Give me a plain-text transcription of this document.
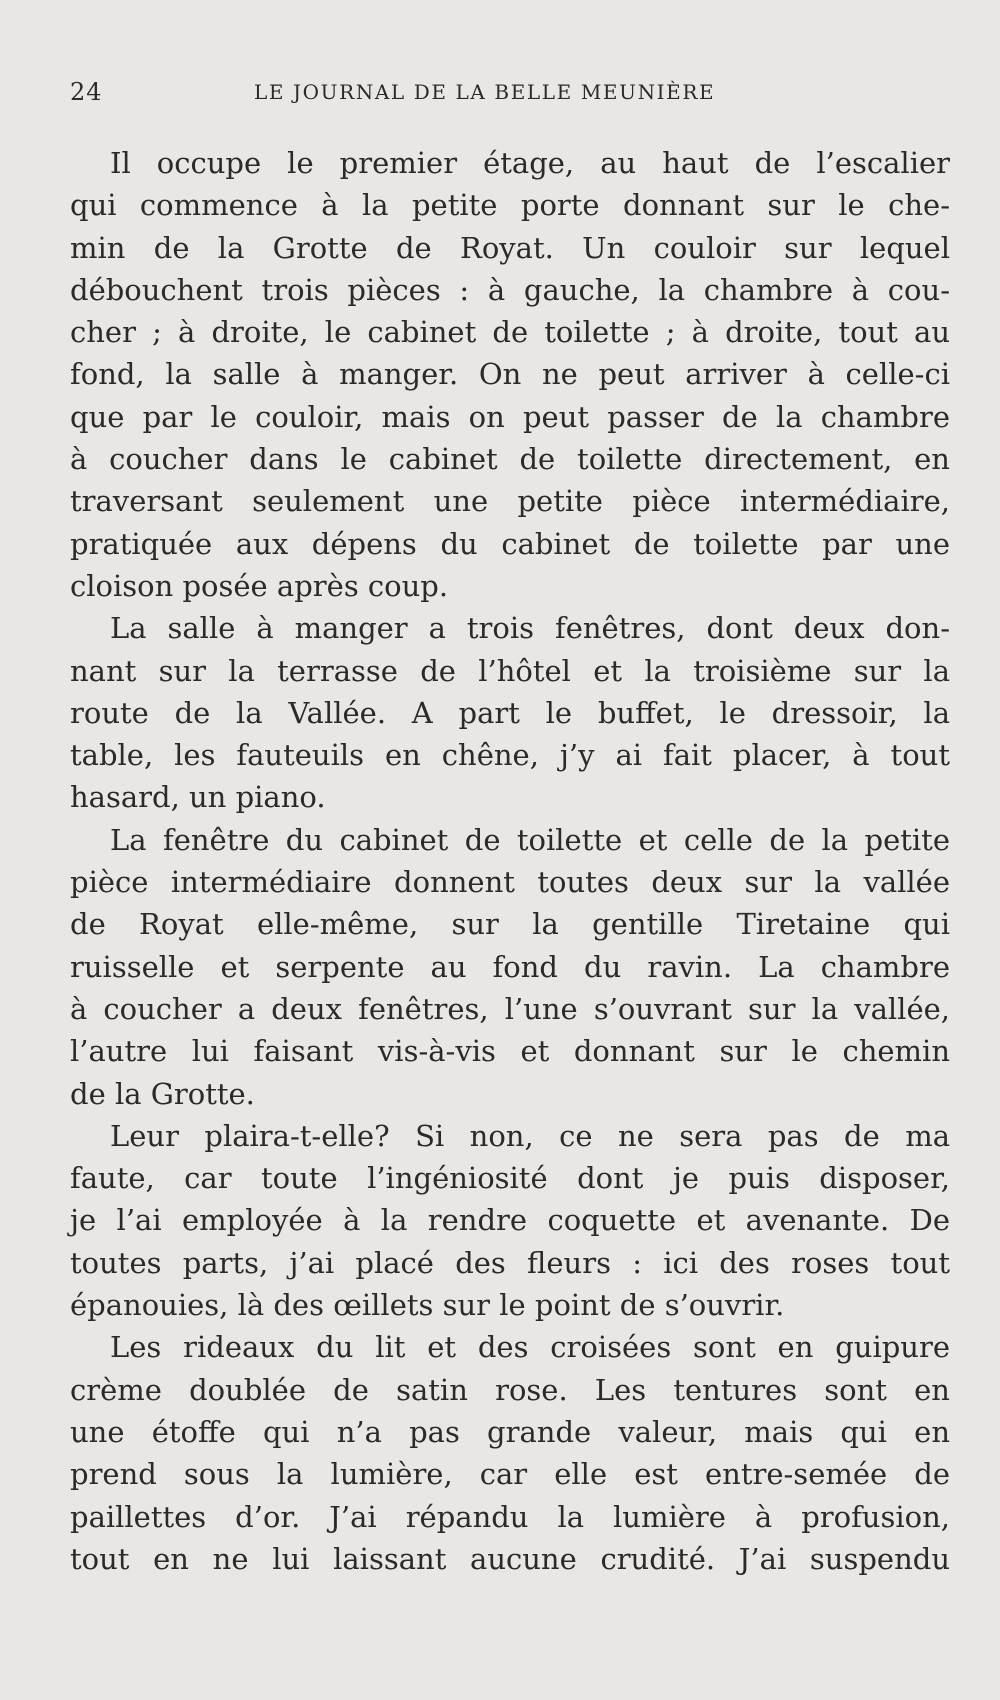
24	LE JOURNAL DE LA BELLE MEUNIÈRE
Il occupe le premier étage, au haut de l’escalier
qui commence à la petite porte donnant sur le che-
min de la Grotte de Royat. Un couloir sur lequel
débouchent trois pièces : à gauche, la chambre à cou-
cher ; à droite, le cabinet de toilette ; à droite, tout au
fond, la salle à manger. On ne peut arriver à celle-ci
que par le couloir, mais on peut passer de la chambre
à coucher dans le cabinet de toilette directement, en
traversant seulement une petite pièce intermédiaire,
pratiquée aux dépens du cabinet de toilette par une
cloison posée après coup.
La salle à manger a trois fenêtres, dont deux don-
nant sur la terrasse de l’hôtel et la troisième sur la
route de la Vallée. A part le buffet, le dressoir, la
table, les fauteuils en chêne, j’y ai fait placer, à tout
hasard, un piano.
La fenêtre du cabinet de toilette et celle de la petite
pièce intermédiaire donnent toutes deux sur la vallée
de Royat elle-même, sur la gentille Tiretaine qui
ruisselle et serpente au fond du ravin. La chambre
à coucher a deux fenêtres, l’une s’ouvrant sur la vallée,
l’autre lui faisant vis-à-vis et donnant sur le chemin
de la Grotte.
Leur plaira-t-elle? Si non, ce ne sera pas de ma
faute, car toute l’ingéniosité dont je puis disposer,
je l’ai employée à la rendre coquette et avenante. De
toutes parts, j’ai placé des fleurs : ici des roses tout
épanouies, là des œillets sur le point de s’ouvrir.
Les rideaux du lit et des croisées sont en guipure
crème doublée de satin rose. Les tentures sont en
une étoffe qui n’a pas grande valeur, mais qui en
prend sous la lumière, car elle est entre-semée de
paillettes d’or. J’ai répandu la lumière à profusion,
tout en ne lui laissant aucune crudité. J’ai suspendu
